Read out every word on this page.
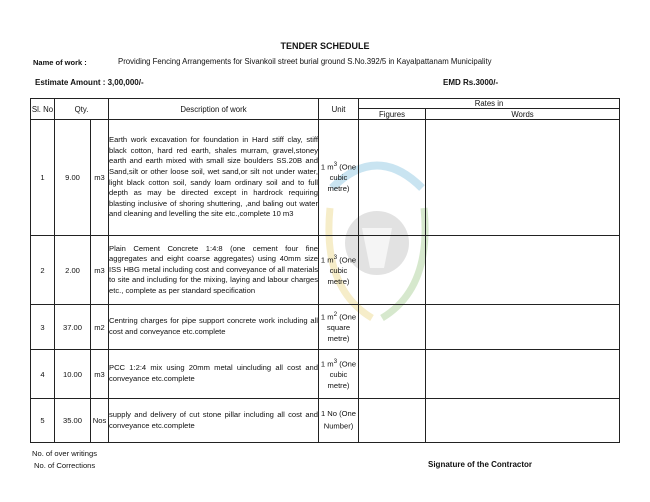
TENDER SCHEDULE
Name of work :	Providing Fencing Arrangements for Sivankoil street burial ground S.No.392/5 in Kayalpattanam Municipality
Estimate Amount : 3,00,000/-	EMD Rs.3000/-
Sl. No	Qty.		Description of work	Unit	Rates in	
					Figures	Words
1	9.00	m3	Earth work excavation for foundation in Hard stiff clay, stiff black cotton, hard red earth, shales murram, gravel,stoney earth and earth mixed with small size boulders SS.20B and Sand,silt or other loose soil, wet sand,or silt not under water, light black cotton soil, sandy loam ordinary soil and to full depth as may be directed except in hardrock requiring blasting inclusive of shoring shuttering, ,and baling out water and cleaning and levelling the site etc.,complete 10 m3	1 $m^3$ (One cubic metre)		
2	2.00	m3	Plain Cement Concrete 1:4:8 (one cement four fine aggregates and eight coarse aggregates) using 40mm size ISS HBG metal including cost and conveyance of all materials to site and including for the mixing, laying and labour charges etc., complete as per standard specification	1 $m^3$ (One cubic metre)		
3	37.00	m2	Centring charges for pipe support concrete work including all cost and conveyance etc.complete	1 $m^2$ (One square metre)		
4	10.00	m3	PCC 1:2:4 mix using 20mm metal uincluding all cost and conveyance etc.complete	1 $m^3$ (One cubic metre)		
5	35.00	Nos	supply and delivery of cut stone pillar including all cost and conveyance etc.complete	1 No (One Number)		
No. of over writings
No. of Corrections	Signature of the Contractor
